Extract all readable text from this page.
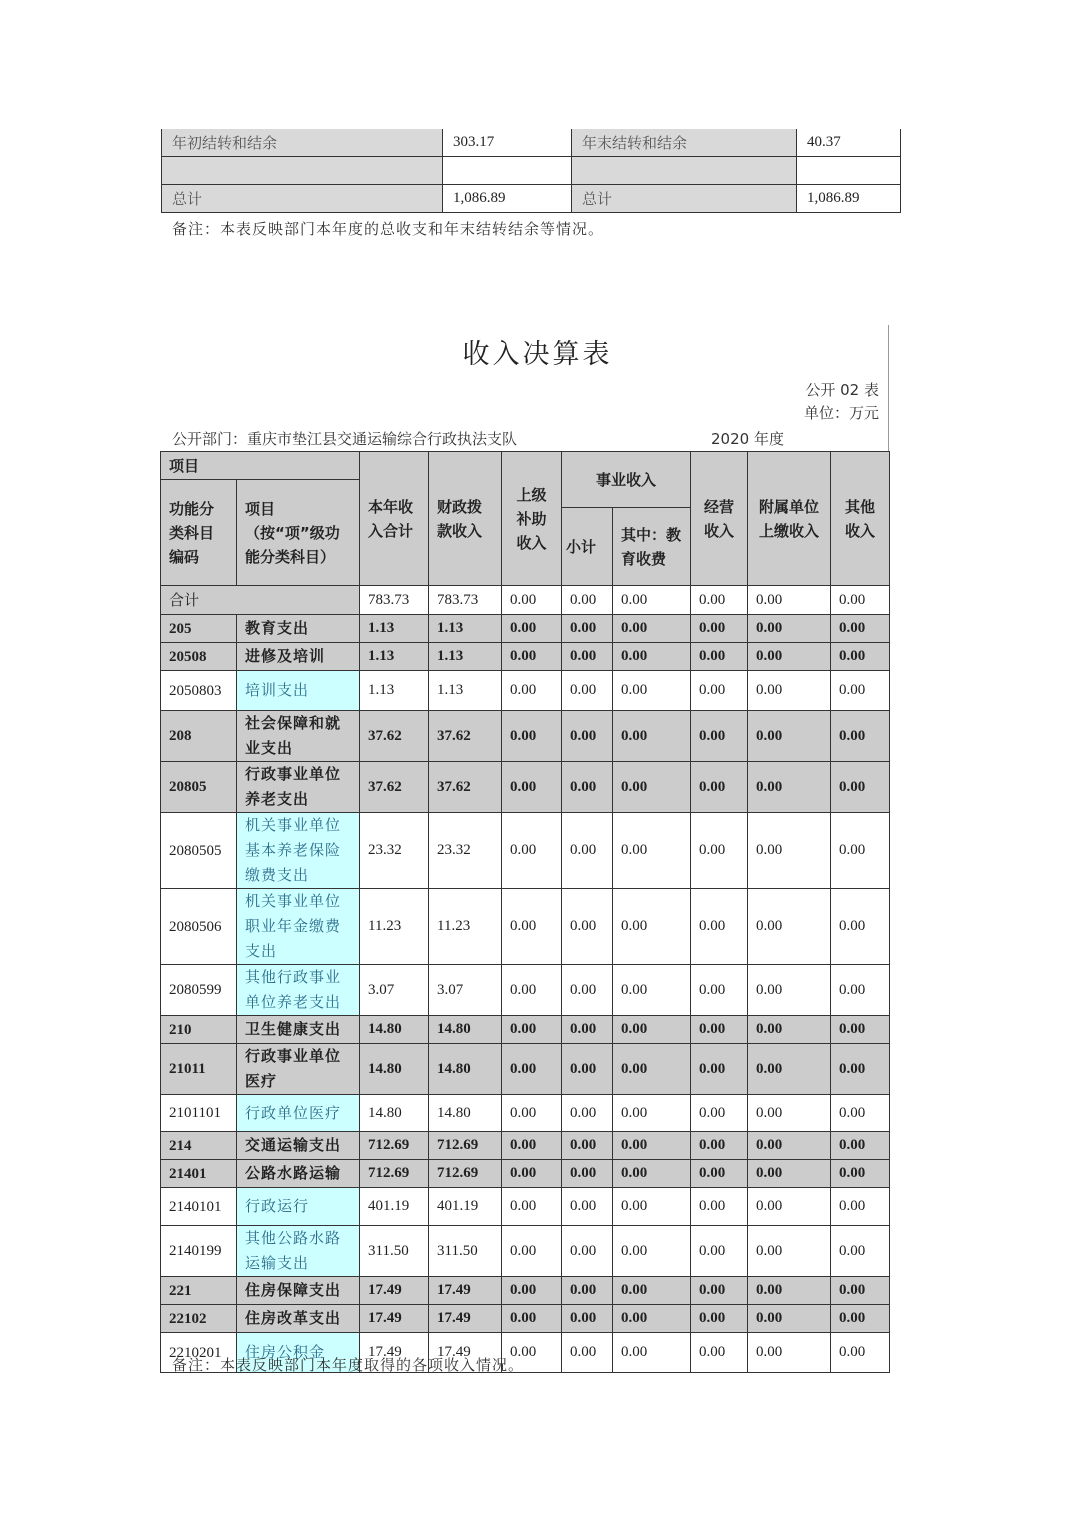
年初结转和结余	303.17	年末结转和结余	40.37

总计	1,086.89	总计	1,086.89
备注：本表反映部门本年度的总收支和年末结转结余等情况。
收入决算表
公开 02 表
单位：万元
公开部门：重庆市垫江县交通运输综合行政执法支队	2020 年度
项目		本年收入合计	财政拨款收入	上级补助收入	事业收入		经营收入	附属单位上缴收入	其他收入
功能分类科目编码	项目（按“项”级功能分类科目）								
					小计	其中：教育收费			
合计		783.73	783.73	0.00	0.00	0.00	0.00	0.00	0.00
205	教育支出	1.13	1.13	0.00	0.00	0.00	0.00	0.00	0.00
20508	进修及培训	1.13	1.13	0.00	0.00	0.00	0.00	0.00	0.00
2050803	培训支出	1.13	1.13	0.00	0.00	0.00	0.00	0.00	0.00
208	社会保障和就业支出	37.62	37.62	0.00	0.00	0.00	0.00	0.00	0.00
20805	行政事业单位养老支出	37.62	37.62	0.00	0.00	0.00	0.00	0.00	0.00
2080505	机关事业单位基本养老保险缴费支出	23.32	23.32	0.00	0.00	0.00	0.00	0.00	0.00
2080506	机关事业单位职业年金缴费支出	11.23	11.23	0.00	0.00	0.00	0.00	0.00	0.00
2080599	其他行政事业单位养老支出	3.07	3.07	0.00	0.00	0.00	0.00	0.00	0.00
210	卫生健康支出	14.80	14.80	0.00	0.00	0.00	0.00	0.00	0.00
21011	行政事业单位医疗	14.80	14.80	0.00	0.00	0.00	0.00	0.00	0.00
2101101	行政单位医疗	14.80	14.80	0.00	0.00	0.00	0.00	0.00	0.00
214	交通运输支出	712.69	712.69	0.00	0.00	0.00	0.00	0.00	0.00
21401	公路水路运输	712.69	712.69	0.00	0.00	0.00	0.00	0.00	0.00
2140101	行政运行	401.19	401.19	0.00	0.00	0.00	0.00	0.00	0.00
2140199	其他公路水路运输支出	311.50	311.50	0.00	0.00	0.00	0.00	0.00	0.00
221	住房保障支出	17.49	17.49	0.00	0.00	0.00	0.00	0.00	0.00
22102	住房改革支出	17.49	17.49	0.00	0.00	0.00	0.00	0.00	0.00
2210201	住房公积金	17.49	17.49	0.00	0.00	0.00	0.00	0.00	0.00
备注：本表反映部门本年度取得的各项收入情况。
